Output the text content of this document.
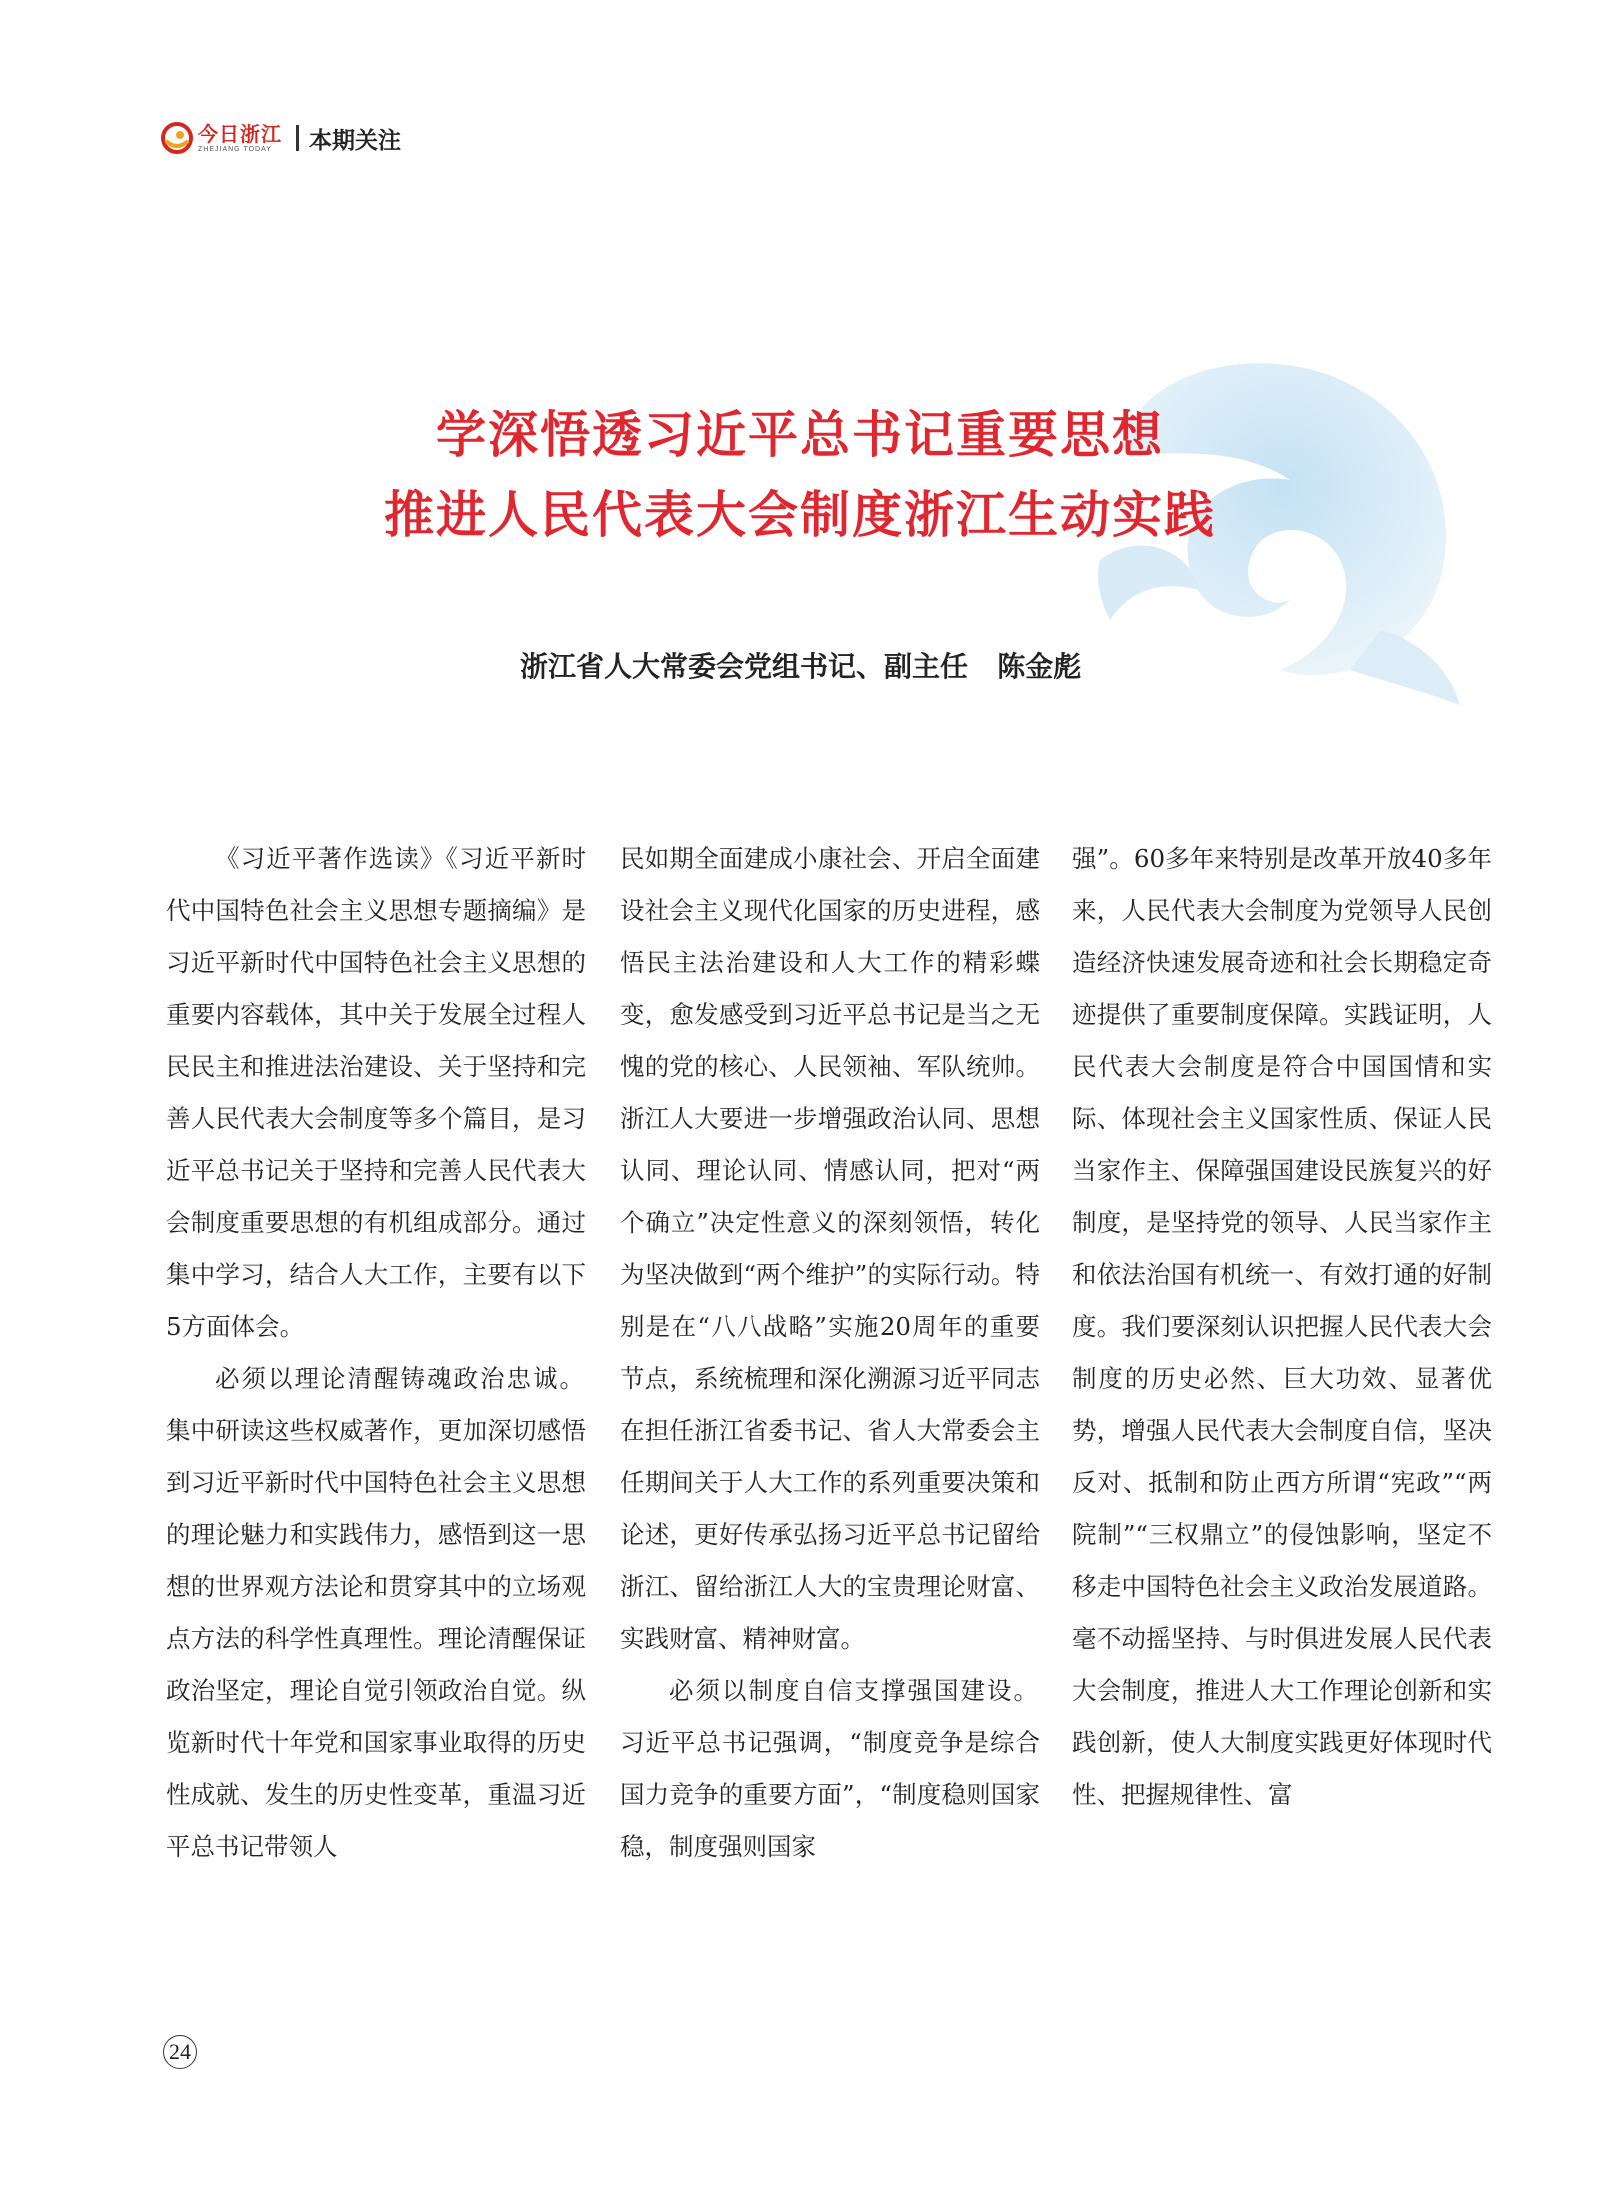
今日浙江
ZHEJIANG TODAY	本期关注
学深悟透习近平总书记重要思想
推进人民代表大会制度浙江生动实践
浙江省人大常委会党组书记、副主任   陈金彪

《习近平著作选读》《习近平新时代中国特色社会主义思想专题摘编》是习近平新时代中国特色社会主义思想的重要内容载体，其中关于发展全过程人民民主和推进法治建设、关于坚持和完善人民代表大会制度等多个篇目，是习近平总书记关于坚持和完善人民代表大会制度重要思想的有机组成部分。通过集中学习，结合人大工作，主要有以下5方面体会。

必须以理论清醒铸魂政治忠诚。集中研读这些权威著作，更加深切感悟到习近平新时代中国特色社会主义思想的理论魅力和实践伟力，感悟到这一思想的世界观方法论和贯穿其中的立场观点方法的科学性真理性。理论清醒保证政治坚定，理论自觉引领政治自觉。纵览新时代十年党和国家事业取得的历史性成就、发生的历史性变革，重温习近平总书记带领人

民如期全面建成小康社会、开启全面建设社会主义现代化国家的历史进程，感悟民主法治建设和人大工作的精彩蝶变，愈发感受到习近平总书记是当之无愧的党的核心、人民领袖、军队统帅。浙江人大要进一步增强政治认同、思想认同、理论认同、情感认同，把对“两个确立”决定性意义的深刻领悟，转化为坚决做到“两个维护”的实际行动。特别是在“八八战略”实施20周年的重要节点，系统梳理和深化溯源习近平同志在担任浙江省委书记、省人大常委会主任期间关于人大工作的系列重要决策和论述，更好传承弘扬习近平总书记留给浙江、留给浙江人大的宝贵理论财富、实践财富、精神财富。

必须以制度自信支撑强国建设。习近平总书记强调，“制度竞争是综合国力竞争的重要方面”，“制度稳则国家稳，制度强则国家

强”。60多年来特别是改革开放40多年来，人民代表大会制度为党领导人民创造经济快速发展奇迹和社会长期稳定奇迹提供了重要制度保障。实践证明，人民代表大会制度是符合中国国情和实际、体现社会主义国家性质、保证人民当家作主、保障强国建设民族复兴的好制度，是坚持党的领导、人民当家作主和依法治国有机统一、有效打通的好制度。我们要深刻认识把握人民代表大会制度的历史必然、巨大功效、显著优势，增强人民代表大会制度自信，坚决反对、抵制和防止西方所谓“宪政”“两院制”“三权鼎立”的侵蚀影响，坚定不移走中国特色社会主义政治发展道路。毫不动摇坚持、与时俱进发展人民代表大会制度，推进人大工作理论创新和实践创新，使人大制度实践更好体现时代性、把握规律性、富

24
